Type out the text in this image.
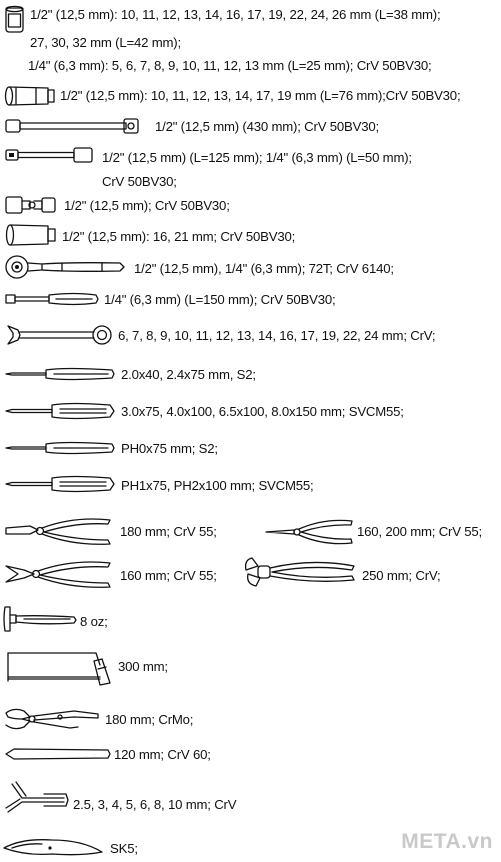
1/2" (12,5 mm): 10, 11, 12, 13, 14, 16, 17, 19, 22, 24, 26 mm (L=38 mm);
27, 30, 32 mm (L=42 mm);
1/4" (6,3 mm): 5, 6, 7, 8, 9, 10, 11, 12, 13 mm (L=25 mm); CrV 50BV30;
1/2" (12,5 mm): 10, 11, 12, 13, 14, 17, 19 mm (L=76 mm);CrV 50BV30;
1/2" (12,5 mm) (430 mm); CrV 50BV30;
1/2" (12,5 mm) (L=125 mm); 1/4" (6,3 mm) (L=50 mm);
CrV 50BV30;
1/2" (12,5 mm); CrV 50BV30;
1/2" (12,5 mm): 16, 21 mm; CrV 50BV30;
1/2" (12,5 mm), 1/4" (6,3 mm); 72T; CrV 6140;
1/4" (6,3 mm) (L=150 mm); CrV 50BV30;
6, 7, 8, 9, 10, 11, 12, 13, 14, 16, 17, 19, 22, 24 mm; CrV;
2.0x40, 2.4x75 mm, S2;
3.0x75, 4.0x100, 6.5x100, 8.0x150 mm; SVCM55;
PH0x75 mm; S2;
PH1x75, PH2x100 mm; SVCM55;
180 mm; CrV 55;	160, 200 mm; CrV 55;
160 mm; CrV 55;	250 mm; CrV;
8 oz;
300 mm;
180 mm; CrMo;
120 mm; CrV 60;
2.5, 3, 4, 5, 6, 8, 10 mm; CrV
SK5;	META.vn
